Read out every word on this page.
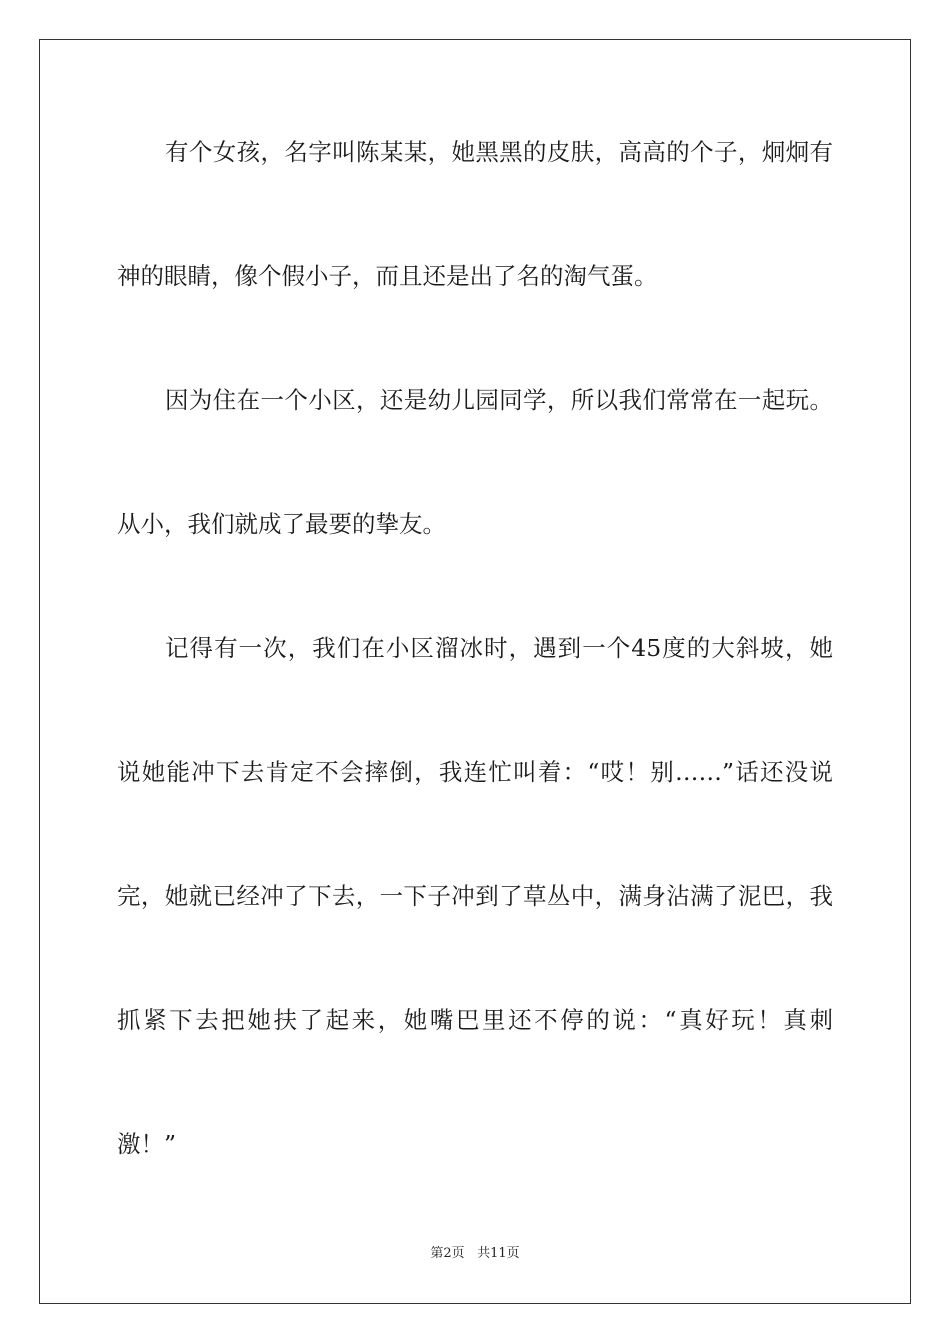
有个女孩，名字叫陈某某，她黑黑的皮肤，高高的个子，炯炯有
神的眼睛，像个假小子，而且还是出了名的淘气蛋。
因为住在一个小区，还是幼儿园同学，所以我们常常在一起玩。
从小，我们就成了最要的挚友。
记得有一次，我们在小区溜冰时，遇到一个45度的大斜坡，她
说她能冲下去肯定不会摔倒，我连忙叫着：“哎！别……”话还没说
完，她就已经冲了下去，一下子冲到了草丛中，满身沾满了泥巴，我
抓紧下去把她扶了起来，她嘴巴里还不停的说：“真好玩！真刺
激！”
第2页 共11页
